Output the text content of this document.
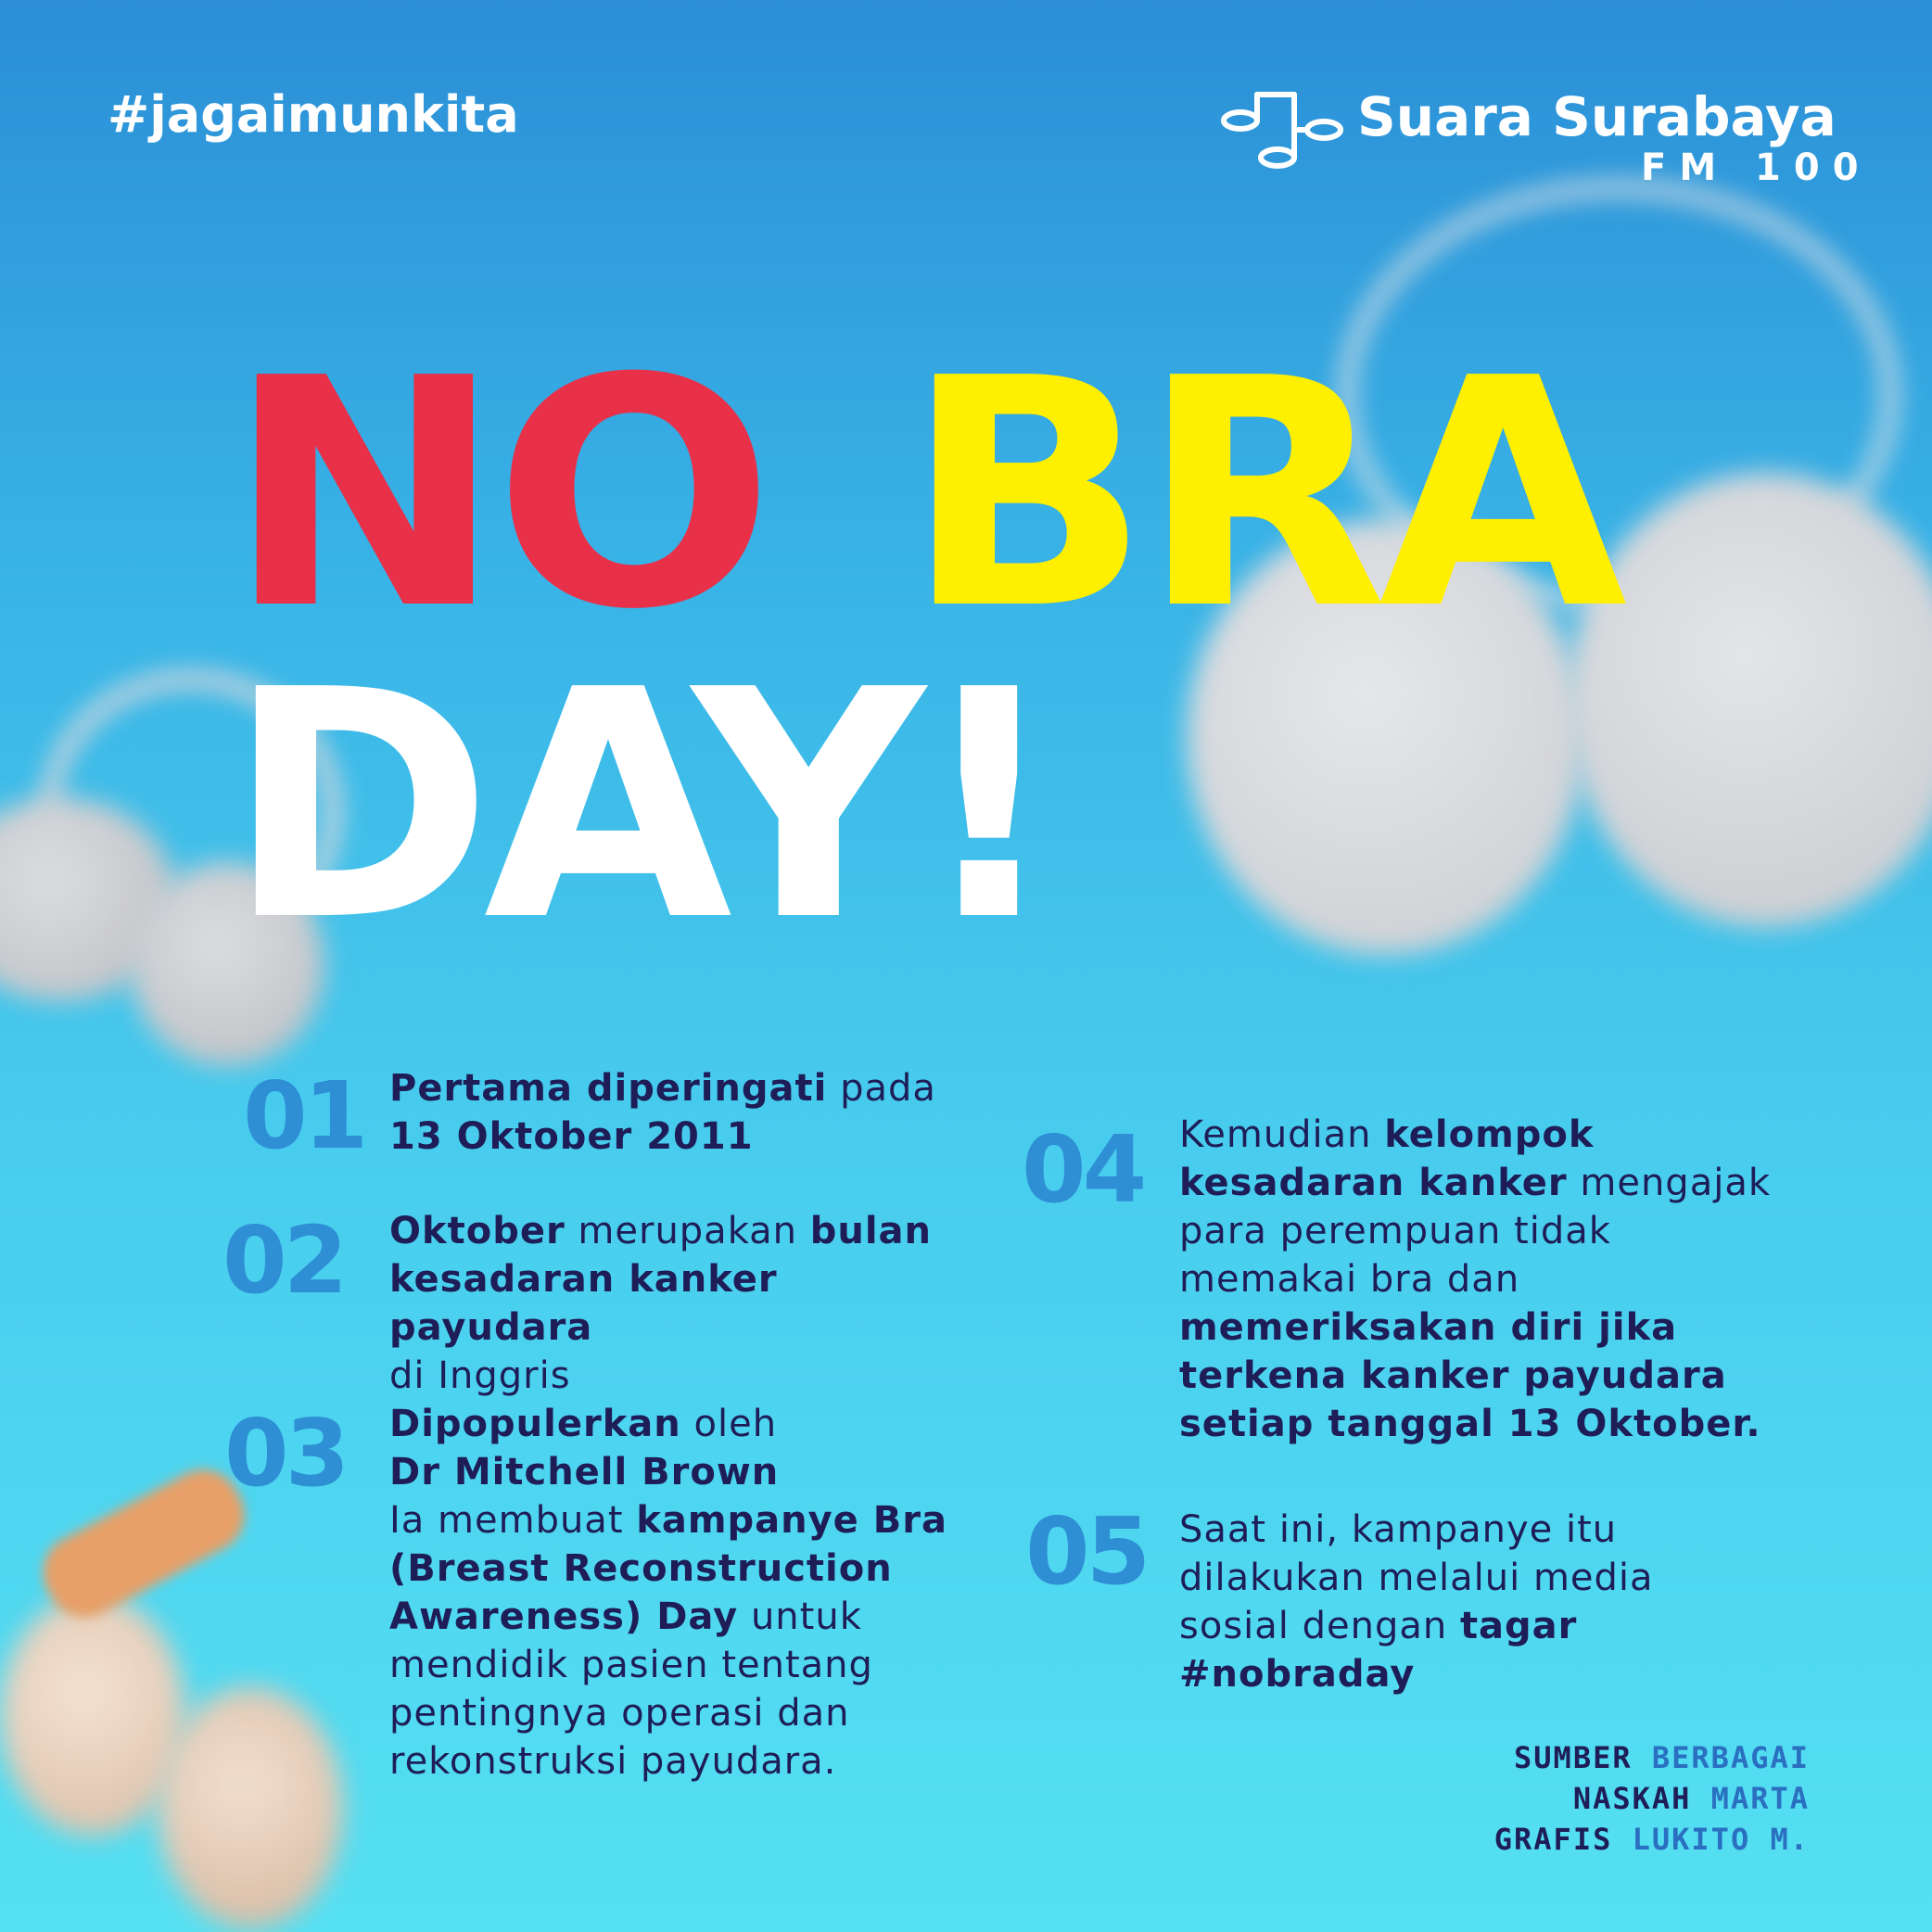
#jagaimunkita	Suara Surabaya
FM 100
NO BRA
DAY!
01 Pertama diperingati pada
13 Oktober 2011
02 Oktober merupakan bulan
kesadaran kanker payudara
di Inggris
03 Dipopulerkan oleh
Dr Mitchell Brown
Ia membuat kampanye Bra
(Breast Reconstruction
Awareness) Day untuk
mendidik pasien tentang
pentingnya operasi dan
rekonstruksi payudara.
04 Kemudian kelompok
kesadaran kanker mengajak
para perempuan tidak
memakai bra dan
memeriksakan diri jika
terkena kanker payudara
setiap tanggal 13 Oktober.
05 Saat ini, kampanye itu
dilakukan melalui media
sosial dengan tagar
#nobraday
SUMBER BERBAGAI
NASKAH MARTA
GRAFIS LUKITO M.
